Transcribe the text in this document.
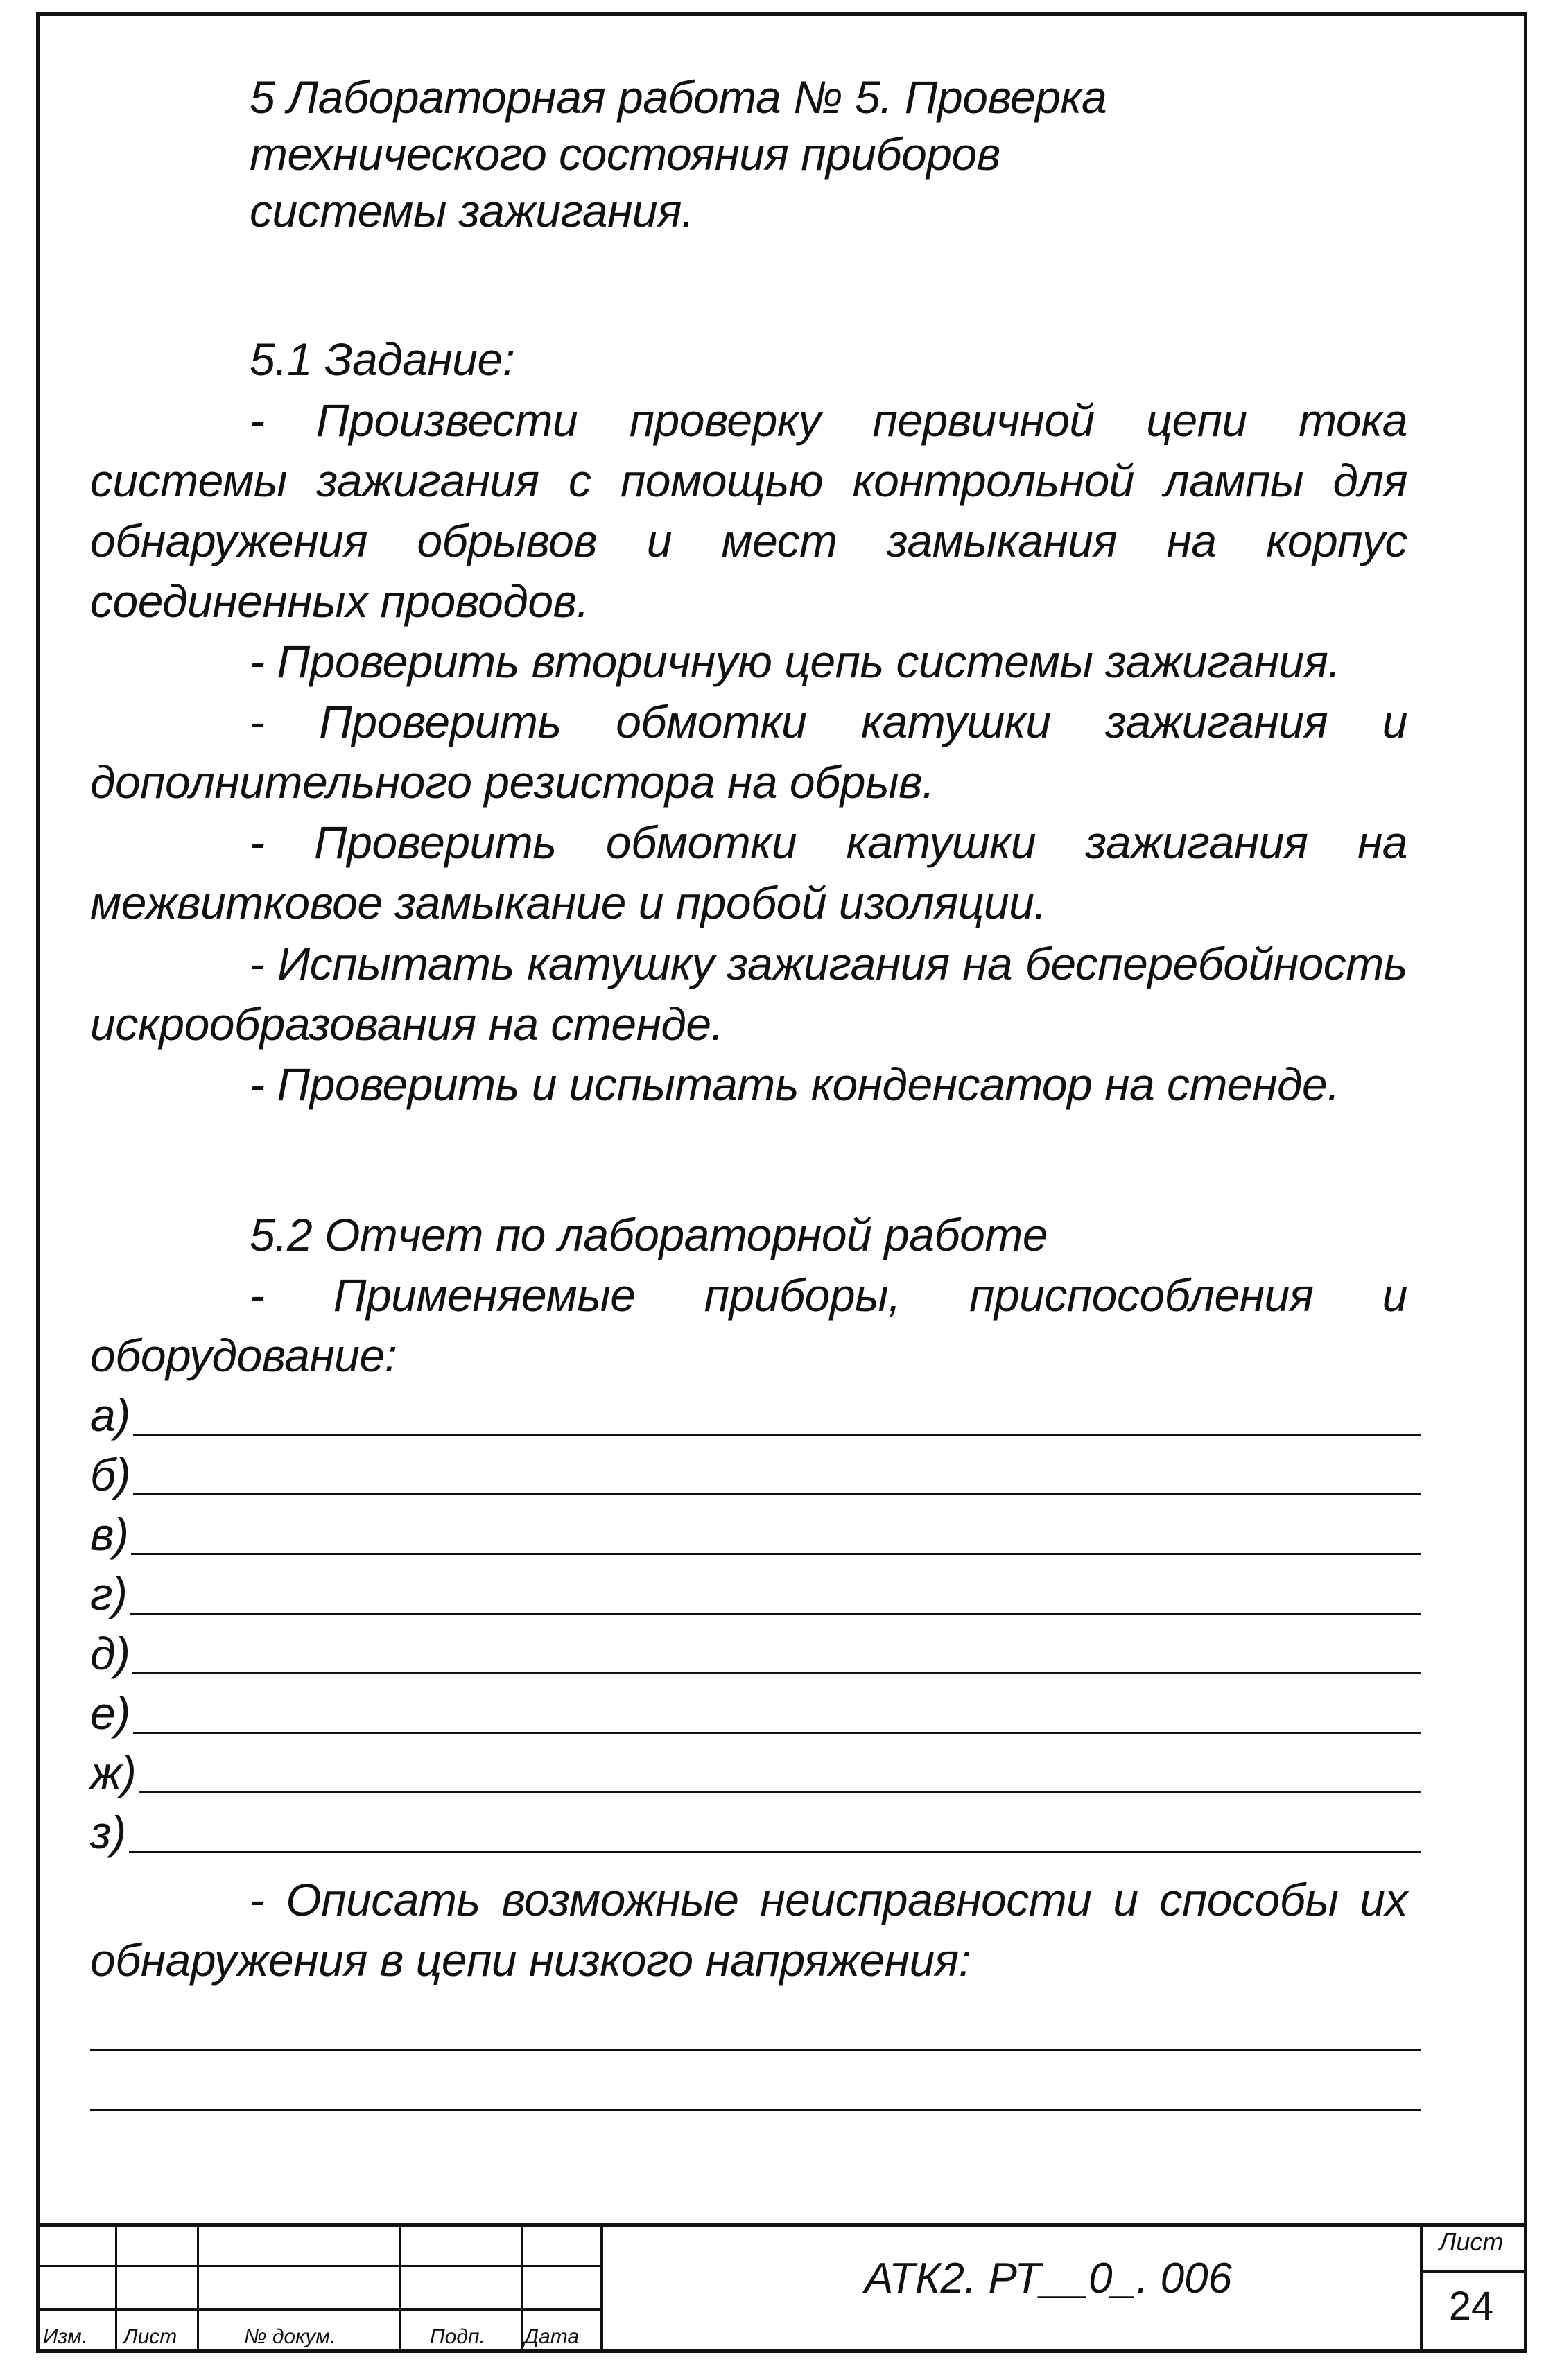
5 Лабораторная работа № 5. Проверка технического состояния приборов системы зажигания.
5.1 Задание:
- Произвести проверку первичной цепи тока системы зажигания с помощью контрольной лампы для обнаружения обрывов и мест замыкания на корпус соединенных проводов.
- Проверить вторичную цепь системы зажигания.
- Проверить обмотки катушки зажигания и дополнительного резистора на обрыв.
- Проверить обмотки катушки зажигания на межвитковое замыкание и пробой изоляции.
- Испытать катушку зажигания на бесперебойность искрообразования на стенде.
- Проверить и испытать конденсатор на стенде.
5.2 Отчет по лабораторной работе
- Применяемые приборы, приспособления и оборудование:
а)
б)
в)
г)
д)
е)
ж)
з)
- Описать возможные неисправности и способы их обнаружения в цепи низкого напряжения:
Изм. Лист	№ докум.	Подп. Дата
АТК2. РТ__0_. 006
Лист
24
